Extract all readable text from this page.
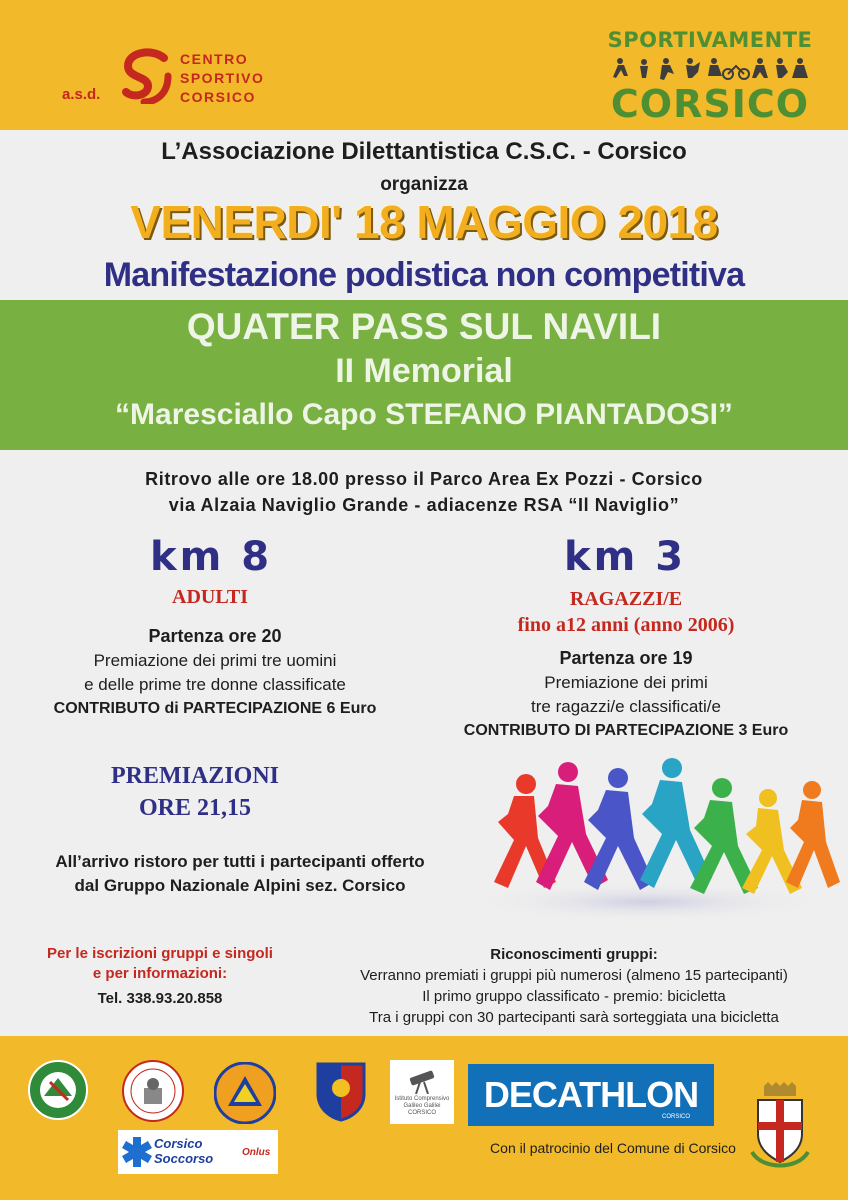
a.s.d.
CENTRO
SPORTIVO
CORSICO
SPORTIVAMENTE
CORSICO
L’Associazione Dilettantistica C.S.C. - Corsico
organizza
VENERDI' 18 MAGGIO 2018
Manifestazione podistica non competitiva
QUATER PASS SUL NAVILI
II Memorial
“Maresciallo Capo STEFANO PIANTADOSI”
Ritrovo alle ore 18.00 presso il Parco Area Ex Pozzi - Corsico
via Alzaia Naviglio Grande - adiacenze RSA “Il Naviglio”
km 8
ADULTI
Partenza ore 20
Premiazione dei primi tre uomini
e delle prime tre donne classificate
CONTRIBUTO di PARTECIPAZIONE 6 Euro
km 3
RAGAZZI/E
fino a12 anni (anno 2006)
Partenza ore 19
Premiazione dei primi
tre ragazzi/e classificati/e
CONTRIBUTO DI PARTECIPAZIONE 3 Euro
PREMIAZIONI
ORE 21,15
All’arrivo ristoro per tutti i partecipanti offerto
dal Gruppo Nazionale Alpini sez. Corsico
Per le iscrizioni gruppi e singoli
e per informazioni:
Tel. 338.93.20.858
Riconoscimenti gruppi:
Verranno premiati i gruppi più numerosi (almeno 15 partecipanti)
Il primo gruppo classificato - premio: bicicletta
Tra i gruppi con 30 partecipanti sarà sorteggiata una bicicletta
Istituto Comprensivo Galileo Galilei CORSICO	DECATHLON
CORSICO
Con il patrocinio del Comune di Corsico
Corsico
Soccorso	Onlus
